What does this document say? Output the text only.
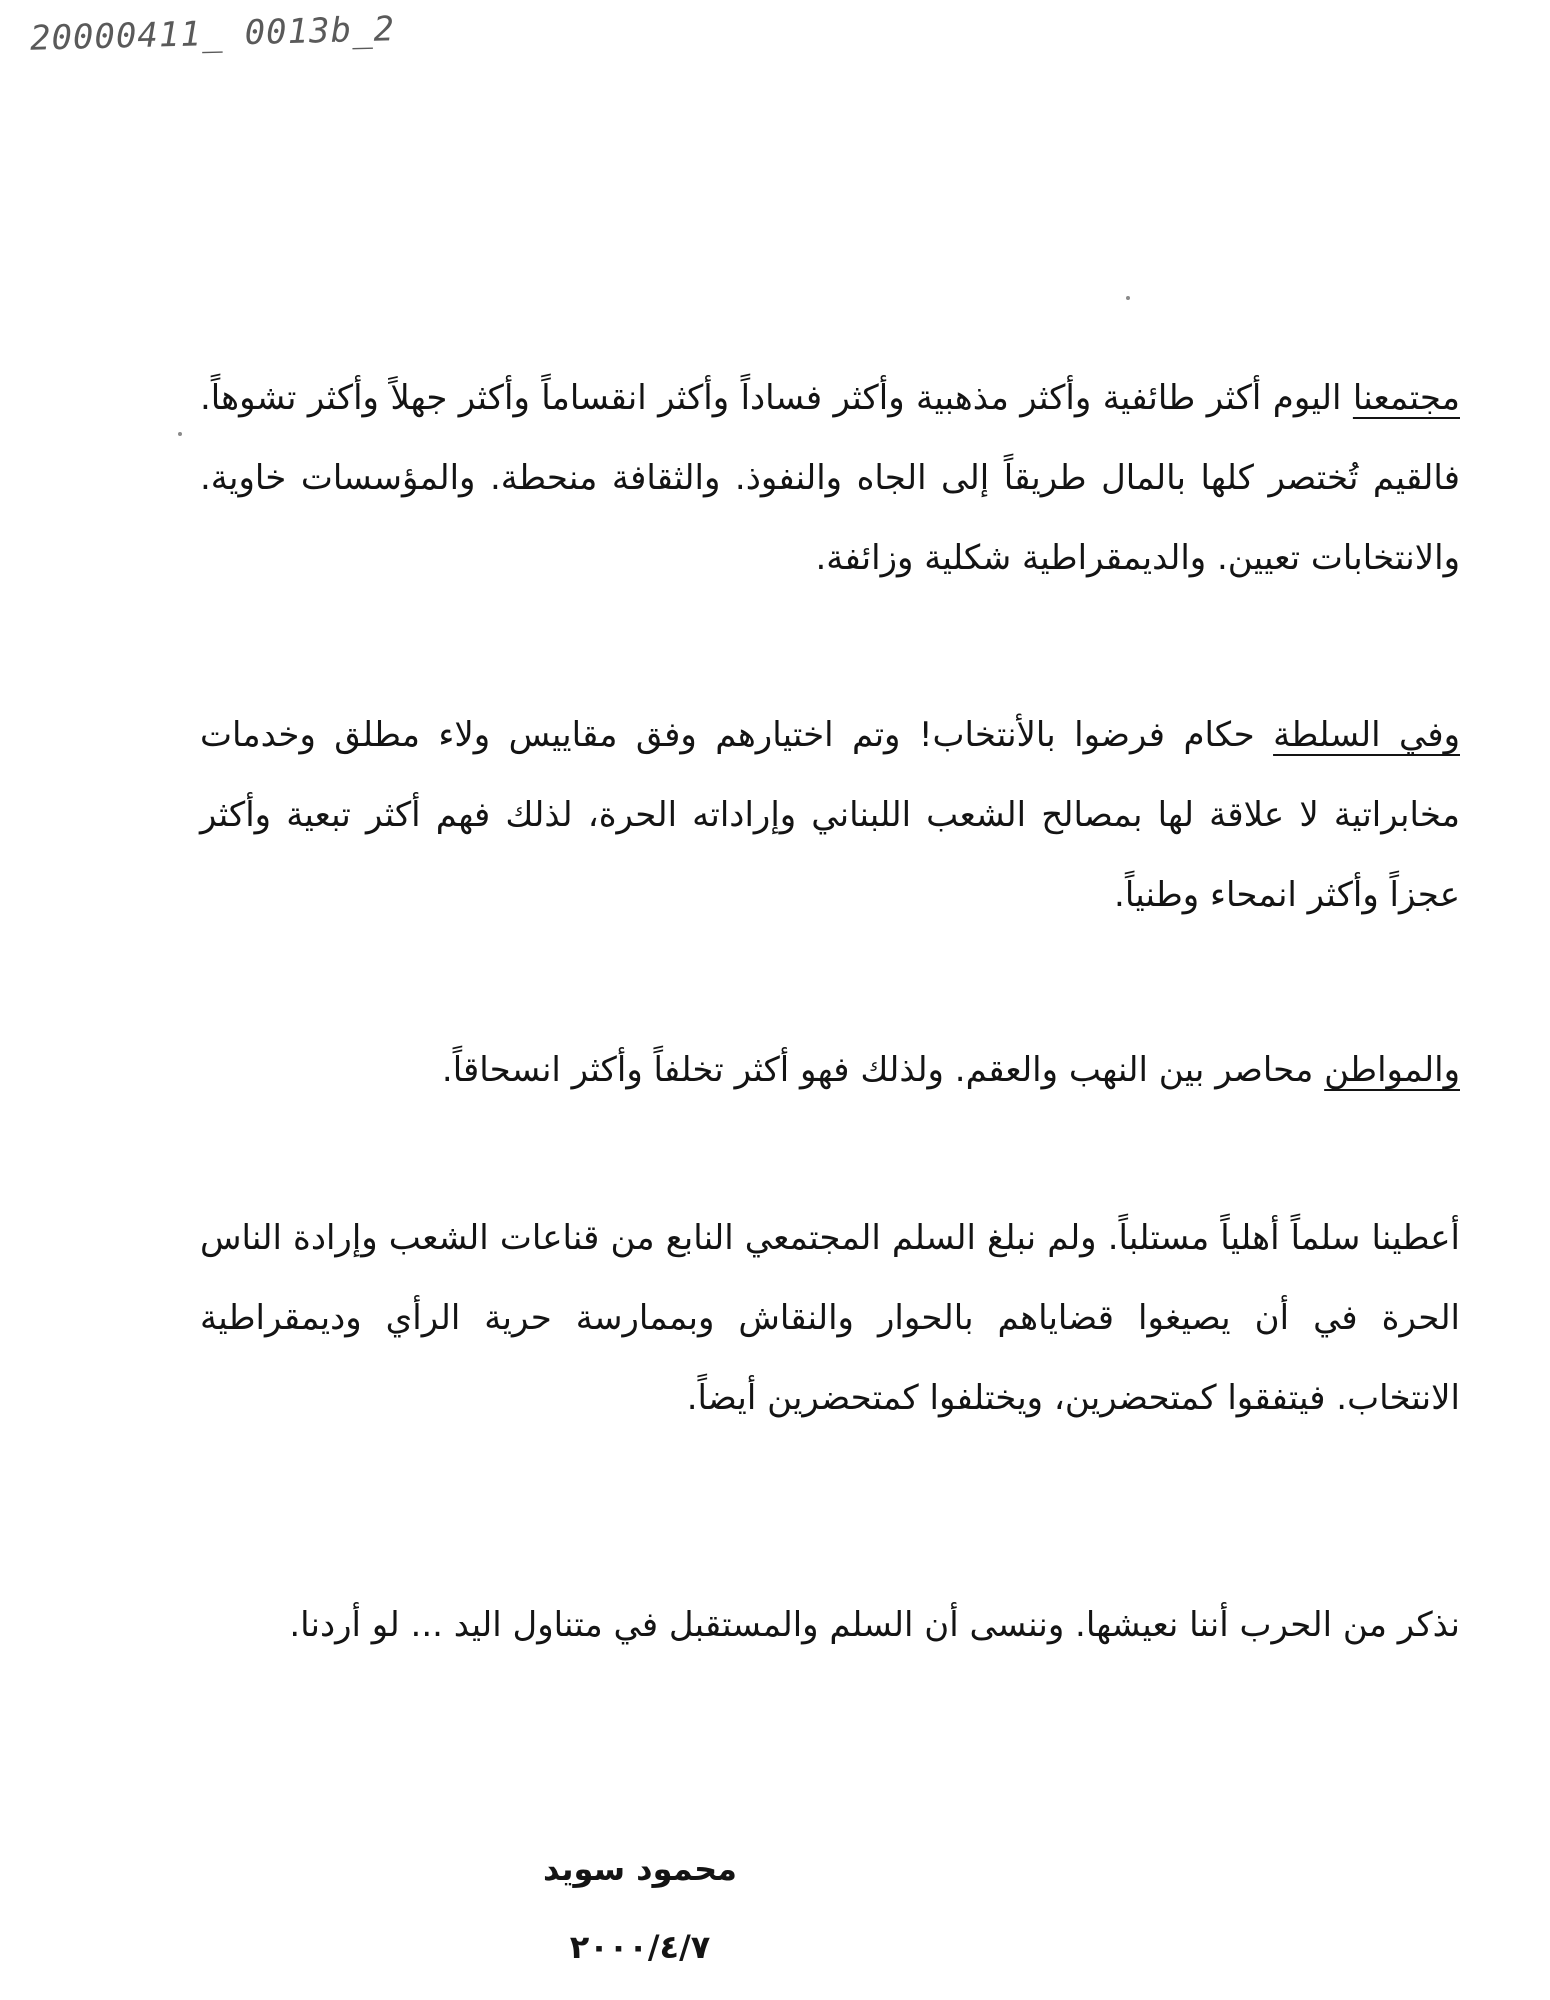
20000411_ 0013b_2

مجتمعنا اليوم أكثر طائفية وأكثر مذهبية وأكثر فساداً وأكثر انقساماً وأكثر جهلاً وأكثر تشوهاً. فالقيم تُختصر كلها بالمال طريقاً إلى الجاه والنفوذ. والثقافة منحطة. والمؤسسات خاوية. والانتخابات تعيين. والديمقراطية شكلية وزائفة.

وفي السلطة حكام فرضوا بالأنتخاب! وتم اختيارهم وفق مقاييس ولاء مطلق وخدمات مخابراتية لا علاقة لها بمصالح الشعب اللبناني وإراداته الحرة، لذلك فهم أكثر تبعية وأكثر عجزاً وأكثر انمحاء وطنياً.

والمواطن محاصر بين النهب والعقم. ولذلك فهو أكثر تخلفاً وأكثر انسحاقاً.

أعطينا سلماً أهلياً مستلباً. ولم نبلغ السلم المجتمعي النابع من قناعات الشعب وإرادة الناس الحرة في أن يصيغوا قضاياهم بالحوار والنقاش وبممارسة حرية الرأي وديمقراطية الانتخاب. فيتفقوا كمتحضرين، ويختلفوا كمتحضرين أيضاً.

نذكر من الحرب أننا نعيشها. وننسى أن السلم والمستقبل في متناول اليد ... لو أردنا.

محمود سويد
٢٠٠٠/٤/٧
